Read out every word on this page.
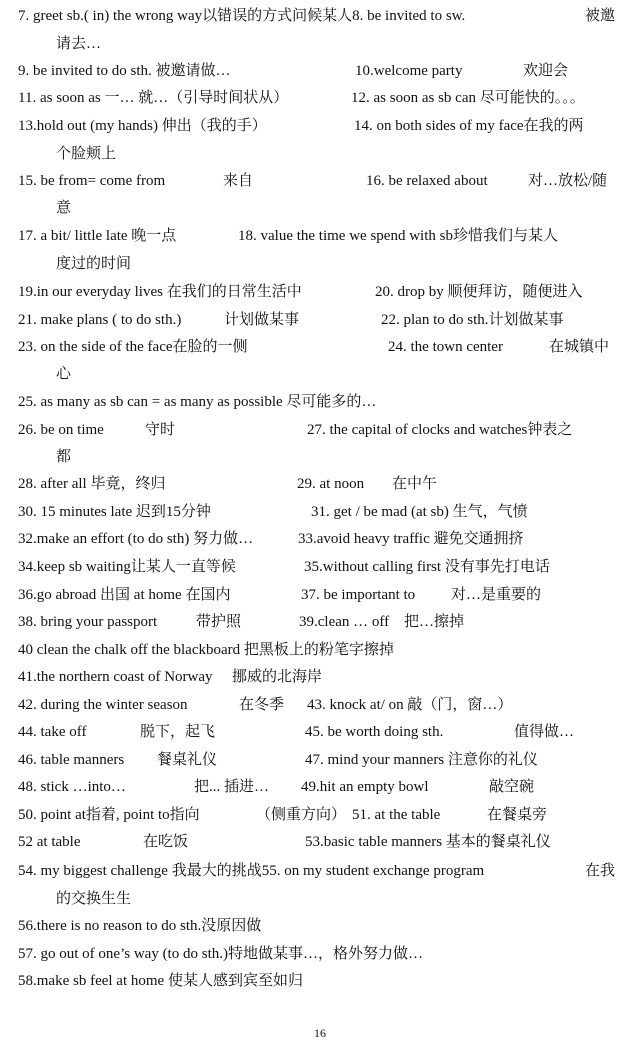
7. greet sb.( in) the wrong way以错误的方式问候某人8. be invited to sw.	被邀
请去…
9. be invited to do sth. 被邀请做…	10.welcome party	欢迎会
11. as soon as 一… 就…（引导时间状从）	12. as soon as sb can 尽可能快的。。。
13.hold out (my hands) 伸出（我的手）	14. on both sides of my face在我的两
个脸颊上
15. be from= come from	来自	16. be relaxed about	对…放松/随
意
17. a bit/ little late 晚一点	18. value the time we spend with sb珍惜我们与某人
度过的时间
19.in our everyday lives 在我们的日常生活中	20. drop by 顺便拜访，随便进入
21. make plans ( to do sth.)	计划做某事	22. plan to do sth.计划做某事
23. on the side of the face在脸的一侧	24. the town center	在城镇中
心
25. as many as sb can = as many as possible 尽可能多的…
26. be on time	守时	27. the capital of clocks and watches钟表之
都
28. after all 毕竟，终归	29. at noon 在中午
30. 15 minutes late 迟到15分钟	31. get / be mad (at sb) 生气，气愤
32.make an effort (to do sth) 努力做…	33.avoid heavy traffic 避免交通拥挤
34.keep sb waiting让某人一直等候	35.without calling first 没有事先打电话
36.go abroad 出国 at home 在国内	37. be important to 对…是重要的
38. bring your passport	带护照	39.clean … off 把…擦掉
40 clean the chalk off the blackboard 把黑板上的粉笔字擦掉
41.the northern coast of Norway 挪威的北海岸
42. during the winter season	在冬季 43. knock at/ on 敲（门，窗…）
44. take off	脱下，起飞	45. be worth doing sth.	值得做…
46. table manners 餐桌礼仪	47. mind your manners 注意你的礼仪
48. stick …into…	把... 插进… 49.hit an empty bowl	敲空碗
50. point at指着, point to指向	（侧重方向） 51. at the table	在餐桌旁
52 at table	在吃饭	53.basic table manners 基本的餐桌礼仪
54. my biggest challenge 我最大的挑战55. on my student exchange program	在我
的交换生生
56.there is no reason to do sth.没原因做
57. go out of one’s way (to do sth.)特地做某事…，格外努力做…
58.make sb feel at home 使某人感到宾至如归
16
